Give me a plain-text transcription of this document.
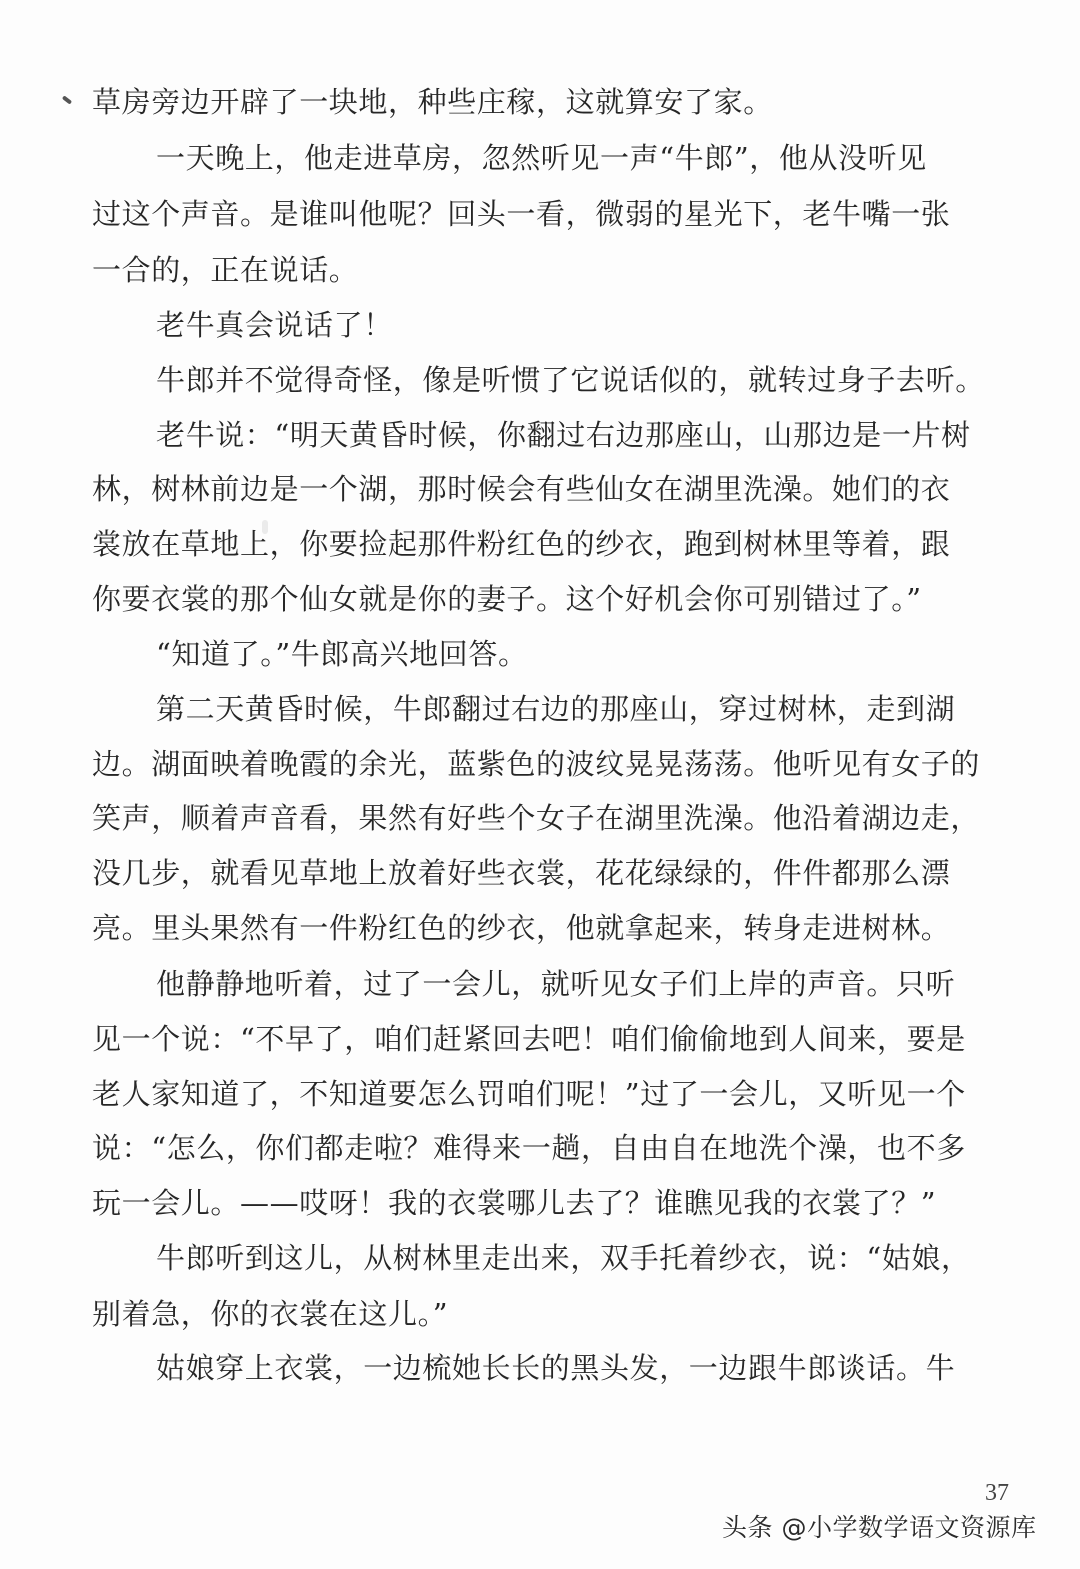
草房旁边开辟了一块地，种些庄稼，这就算安了家。
一天晚上，他走进草房，忽然听见一声“牛郎”，他从没听见
过这个声音。是谁叫他呢？回头一看，微弱的星光下，老牛嘴一张
一合的，正在说话。
老牛真会说话了！
牛郎并不觉得奇怪，像是听惯了它说话似的，就转过身子去听。
老牛说：“明天黄昏时候，你翻过右边那座山，山那边是一片树
林，树林前边是一个湖，那时候会有些仙女在湖里洗澡。她们的衣
裳放在草地上，你要捡起那件粉红色的纱衣，跑到树林里等着，跟
你要衣裳的那个仙女就是你的妻子。这个好机会你可别错过了。”
“知道了。”牛郎高兴地回答。
第二天黄昏时候，牛郎翻过右边的那座山，穿过树林，走到湖
边。湖面映着晚霞的余光，蓝紫色的波纹晃晃荡荡。他听见有女子的
笑声，顺着声音看，果然有好些个女子在湖里洗澡。他沿着湖边走，
没几步，就看见草地上放着好些衣裳，花花绿绿的，件件都那么漂
亮。里头果然有一件粉红色的纱衣，他就拿起来，转身走进树林。
他静静地听着，过了一会儿，就听见女子们上岸的声音。只听
见一个说：“不早了，咱们赶紧回去吧！咱们偷偷地到人间来，要是
老人家知道了，不知道要怎么罚咱们呢！”过了一会儿，又听见一个
说：“怎么，你们都走啦？难得来一趟，自由自在地洗个澡，也不多
玩一会儿。——哎呀！我的衣裳哪儿去了？谁瞧见我的衣裳了？”
牛郎听到这儿，从树林里走出来，双手托着纱衣，说：“姑娘，
别着急，你的衣裳在这儿。”
姑娘穿上衣裳，一边梳她长长的黑头发，一边跟牛郎谈话。牛
37
头条 @小学数学语文资源库
